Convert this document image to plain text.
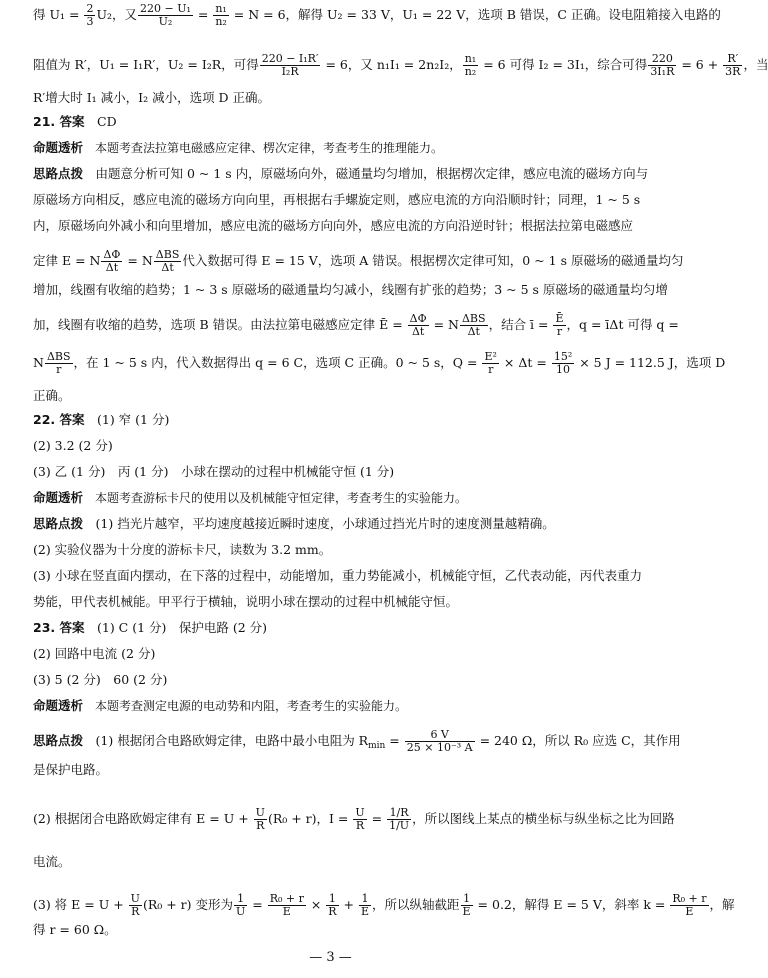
得 $U_1 = \frac{2}{3} U_2$，又 $\frac{\text{220 − U₁}}{\text{U₂}} = \frac{\text{n₁}}{\text{n₂}} = N = 6$，解得 U₂ = 33 V，U₁ = 22 V，选项 B 错误，C 正确。设电阻箱接入电路的
阻值为 R′，U₁ = I₁R′，U₂ = I₂R，可得 $\frac{\text{220 − I₁R′}}{\text{I₂R}} = 6$，又 n₁I₁ = 2n₂I₂， $\frac{\text{n₁}}{\text{n₂}} = 6$ 可得 I₂ = 3I₁，综合可得 $\frac{220}{\text{3I₁R}} = 6 + \frac{R'}{3R}$ ，当
R′增大时 I₁ 减小，I₂ 减小，选项 D 正确。
21. 答案　CD
命题透析　本题考查法拉第电磁感应定律、楞次定律，考查考生的推理能力。
思路点拨　由题意分析可知 0 ~ 1 s 内，原磁场向外，磁通量均匀增加，根据楞次定律，感应电流的磁场方向与
原磁场方向相反，感应电流的磁场方向向里，再根据右手螺旋定则，感应电流的方向沿顺时针；同理，1 ~ 5 s
内，原磁场向外减小和向里增加，感应电流的磁场方向向外，感应电流的方向沿逆时针；根据法拉第电磁感应
定律 E = N $\frac{\Delta\Phi}{\Delta t} = N$ ΔBS
Δt 代入数据可得 E = 15 V，选项 A 错误。根据楞次定律可知，0 ~ 1 s 原磁场的磁通量均匀
增加，线圈有收缩的趋势；1 ~ 3 s 原磁场的磁通量均匀减小，线圈有扩张的趋势；3 ~ 5 s 原磁场的磁通量均匀增
加，线圈有收缩的趋势，选项 B 错误。由法拉第电磁感应定律 Ē = $\frac{\Delta\Phi}{\Delta t} = N$ ΔBS
Δt ，结合 ī = $\frac{Ē}{r}$ ，q = īΔt 可得 q =
N ΔBS
r ，在 1 ~ 5 s 内，代入数据得出 q = 6 C，选项 C 正确。0 ~ 5 s，$Q = \frac{\text{E²}}{r} \times \Delta t = \frac{\text{15²}}{10} \times 5$ J = 112.5 J，选项 D
正确。
22. 答案　(1) 窄 (1 分)
(2) 3.2 (2 分)
(3) 乙 (1 分)　丙 (1 分)　小球在摆动的过程中机械能守恒 (1 分)
命题透析　本题考查游标卡尺的使用以及机械能守恒定律，考查考生的实验能力。
思路点拨　(1) 挡光片越窄，平均速度越接近瞬时速度，小球通过挡光片时的速度测量越精确。
(2) 实验仪器为十分度的游标卡尺，读数为 3.2 mm。
(3) 小球在竖直面内摆动，在下落的过程中，动能增加，重力势能减小，机械能守恒，乙代表动能，丙代表重力
势能，甲代表机械能。甲平行于横轴，说明小球在摆动的过程中机械能守恒。
23. 答案　(1) C (1 分)　保护电路 (2 分)
(2) 回路中电流 (2 分)
(3) 5 (2 分)　60 (2 分)
命题透析　本题考查测定电源的电动势和内阻，考查考生的实验能力。
思路点拨　(1) 根据闭合电路欧姆定律，电路中最小电阻为 $R_{min} = \frac{6 V}{\text{25 × 10⁻³ A}} = 240$ Ω，所以 R₀ 应选 C，其作用
是保护电路。
(2) 根据闭合电路欧姆定律有 $E = U + \frac{U}{R} (R_0 + r)$，$I = \frac{U}{R} = \frac{1/R}{1/U}$ ，所以图线上某点的横坐标与纵坐标之比为回路
电流。
(3) 将 $E = U + \frac{U}{R} (R_0 + r)$ 变形为 $\frac{1}{U} = \frac{\text{R₀ + r}}{E} \times \frac{1}{R} + \frac{1}{E}$ ，所以纵轴截距 $\frac{1}{E} = 0.2$，解得 E = 5 V，斜率 $k = \frac{\text{R₀ + r}}{E}$ ，解
得 r = 60 Ω。
— 3 —
